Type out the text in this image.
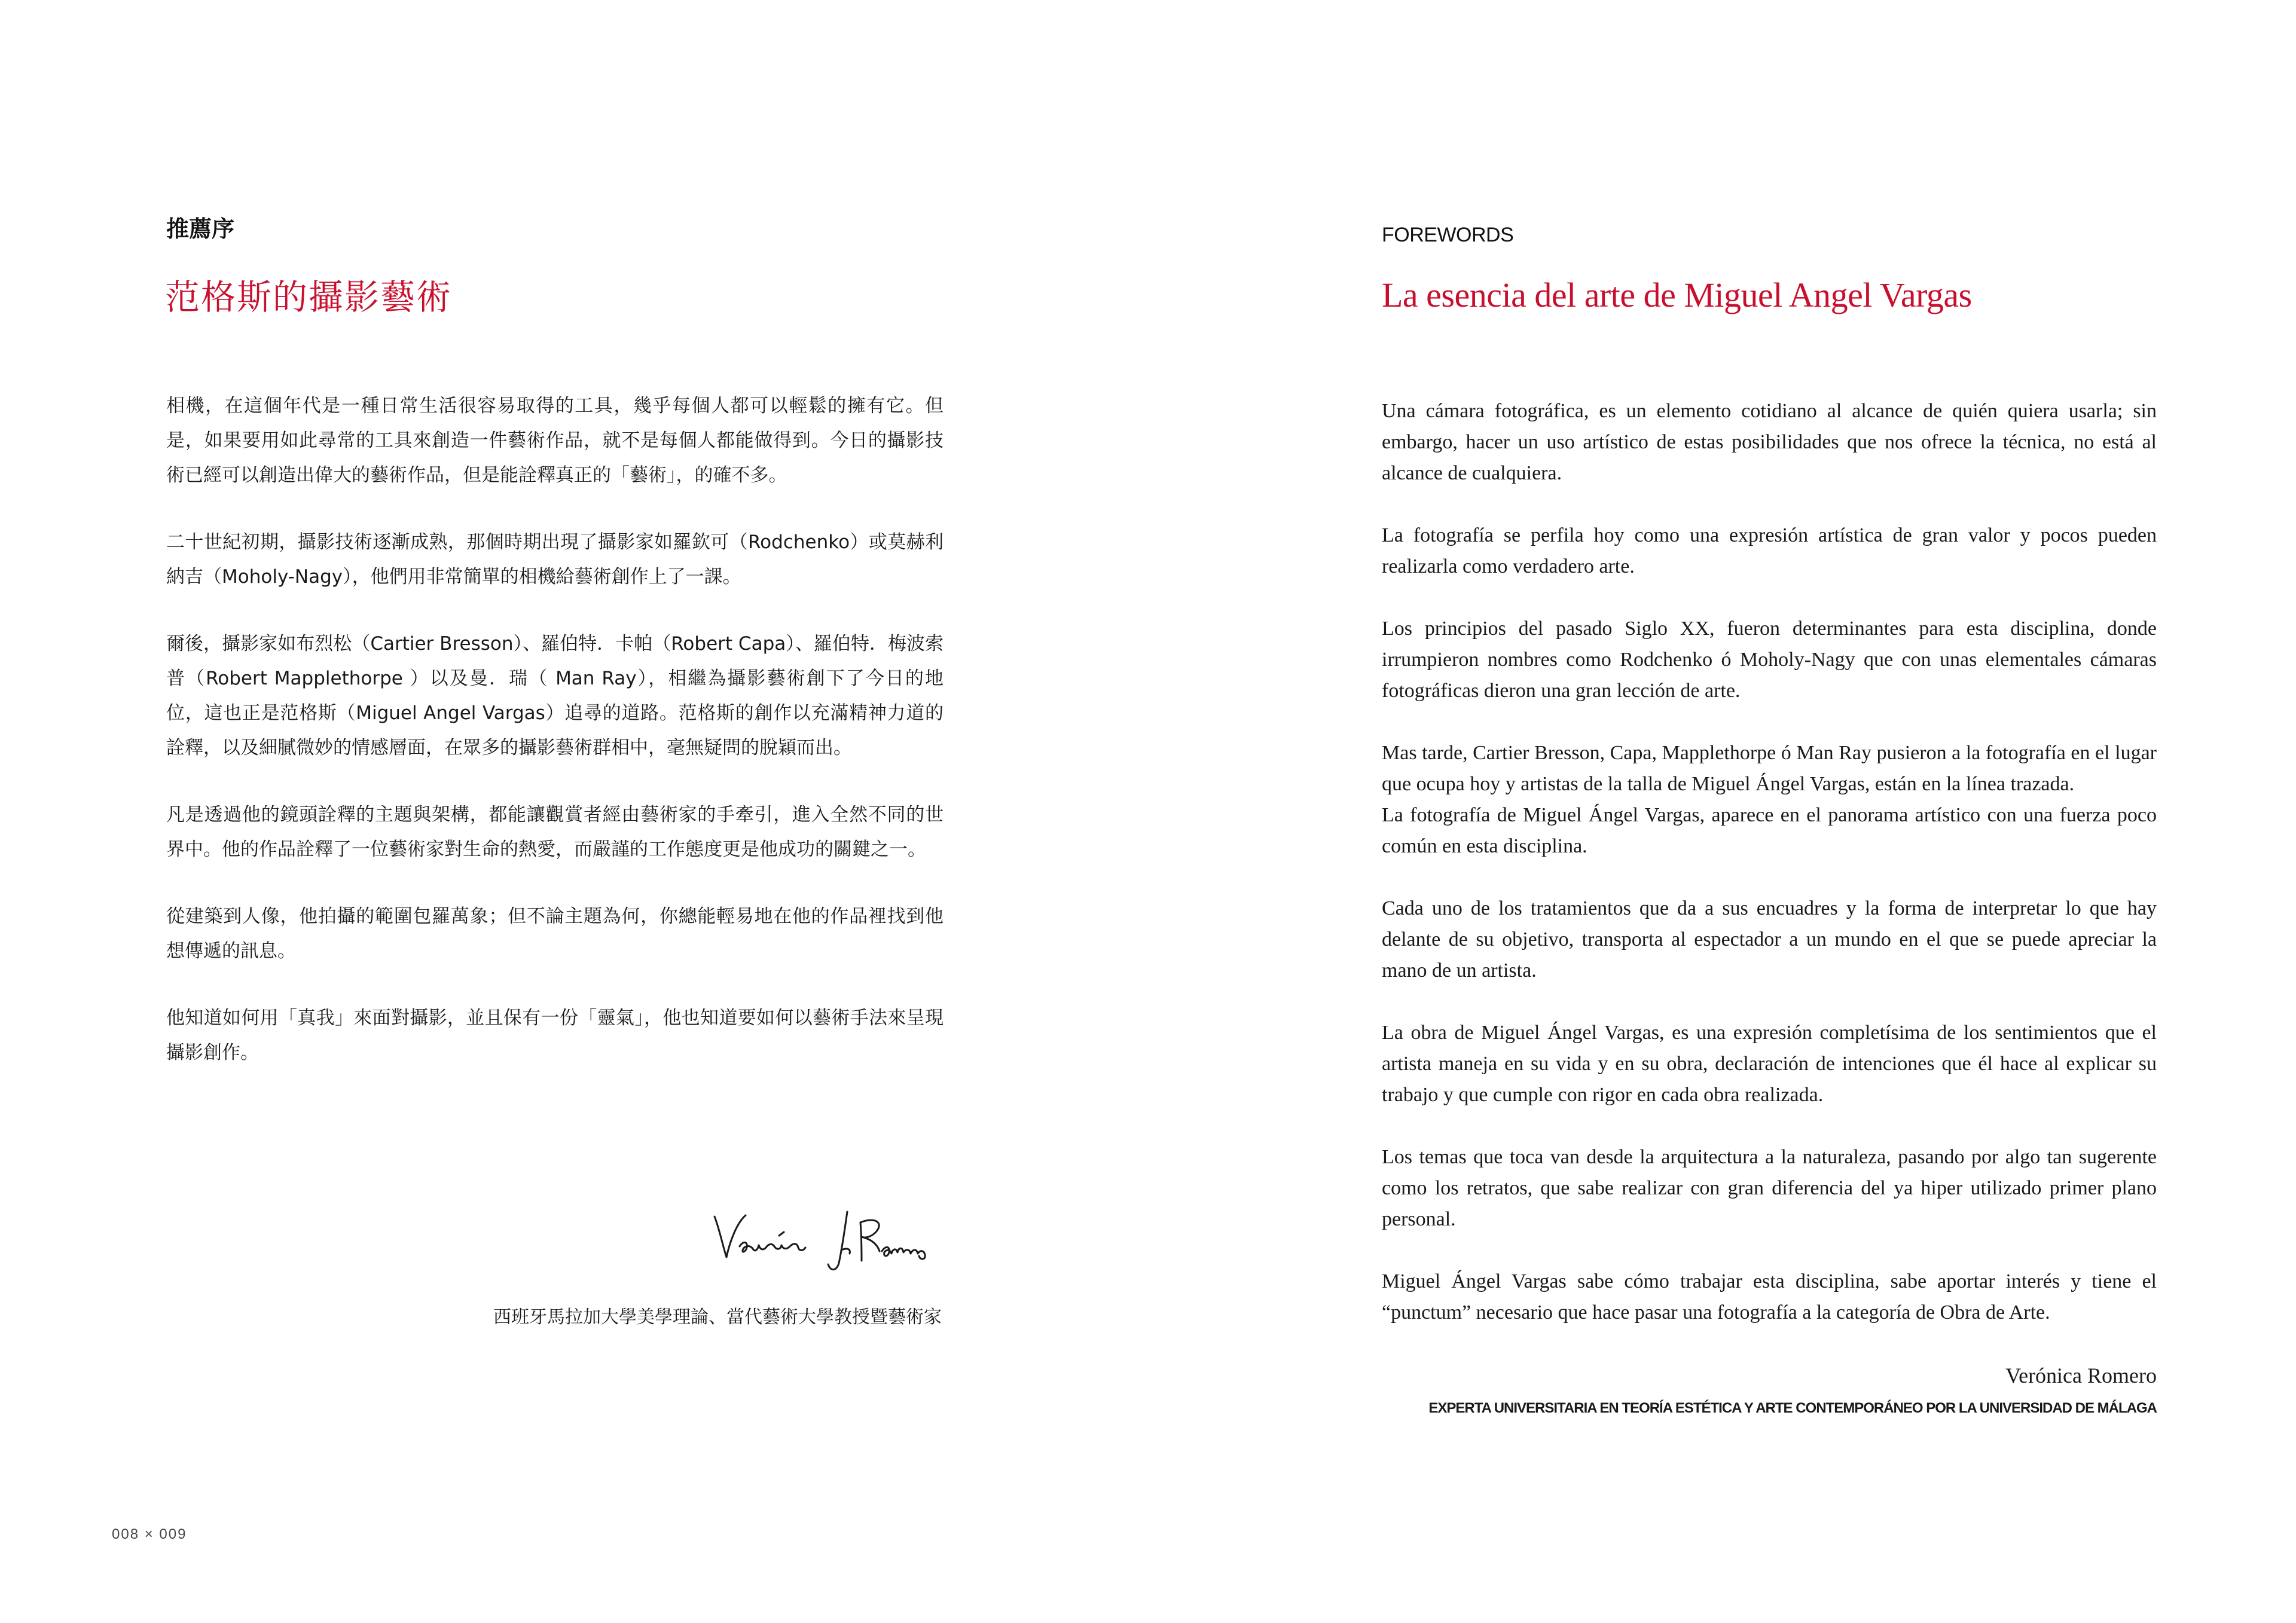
推薦序
范格斯的攝影藝術

相機，在這個年代是一種日常生活很容易取得的工具，幾乎每個人都可以輕鬆的擁有它。但是，如果要用如此尋常的工具來創造一件藝術作品，就不是每個人都能做得到。今日的攝影技術已經可以創造出偉大的藝術作品，但是能詮釋真正的「藝術」，的確不多。

二十世紀初期，攝影技術逐漸成熟，那個時期出現了攝影家如羅欽可（Rodchenko）或莫赫利納吉（Moholy-Nagy），他們用非常簡單的相機給藝術創作上了一課。

爾後，攝影家如布烈松（Cartier Bresson）、羅伯特．卡帕（Robert Capa）、羅伯特．梅波索普（Robert Mapplethorpe ）以及曼．瑞（ Man Ray），相繼為攝影藝術創下了今日的地位，這也正是范格斯（Miguel Angel Vargas）追尋的道路。范格斯的創作以充滿精神力道的詮釋，以及細膩微妙的情感層面，在眾多的攝影藝術群相中，毫無疑問的脫穎而出。

凡是透過他的鏡頭詮釋的主題與架構，都能讓觀賞者經由藝術家的手牽引，進入全然不同的世界中。他的作品詮釋了一位藝術家對生命的熱愛，而嚴謹的工作態度更是他成功的關鍵之一。

從建築到人像，他拍攝的範圍包羅萬象；但不論主題為何，你總能輕易地在他的作品裡找到他想傳遞的訊息。

他知道如何用「真我」來面對攝影，並且保有一份「靈氣」，他也知道要如何以藝術手法來呈現攝影創作。

西班牙馬拉加大學美學理論、當代藝術大學教授暨藝術家
008 × 009
FOREWORDS
La esencia del arte de Miguel Angel Vargas

Una cámara fotográfica, es un elemento cotidiano al alcance de quién quiera usarla; sin embargo, hacer un uso artístico de estas posibilidades que nos ofrece la técnica, no está al alcance de cualquiera.

La fotografía se perfila hoy como una expresión artística de gran valor y pocos pueden realizarla como verdadero arte.

Los principios del pasado Siglo XX, fueron determinantes para esta disciplina, donde irrumpieron nombres como Rodchenko ó Moholy-Nagy que con unas elementales cámaras fotográficas dieron una gran lección de arte.

Mas tarde, Cartier Bresson, Capa, Mapplethorpe ó Man Ray pusieron a la fotografía en el lugar que ocupa hoy y artistas de la talla de Miguel Ángel Vargas, están en la línea trazada.

La fotografía de Miguel Ángel Vargas, aparece en el panorama artístico con una fuerza poco común en esta disciplina.

Cada uno de los tratamientos que da a sus encuadres y la forma de interpretar lo que hay delante de su objetivo, transporta al espectador a un mundo en el que se puede apreciar la mano de un artista.

La obra de Miguel Ángel Vargas, es una expresión completísima de los sentimientos que el artista maneja en su vida y en su obra, declaración de intenciones que él hace al explicar su trabajo y que cumple con rigor en cada obra realizada.

Los temas que toca van desde la arquitectura a la naturaleza, pasando por algo tan sugerente como los retratos, que sabe realizar con gran diferencia del ya hiper utilizado primer plano personal.

Miguel Ángel Vargas sabe cómo trabajar esta disciplina, sabe aportar interés y tiene el “punctum” necesario que hace pasar una fotografía a la categoría de Obra de Arte.

Verónica Romero
EXPERTA UNIVERSITARIA EN TEORÍA ESTÉTICA Y ARTE CONTEMPORÁNEO POR LA UNIVERSIDAD DE MÁLAGA
